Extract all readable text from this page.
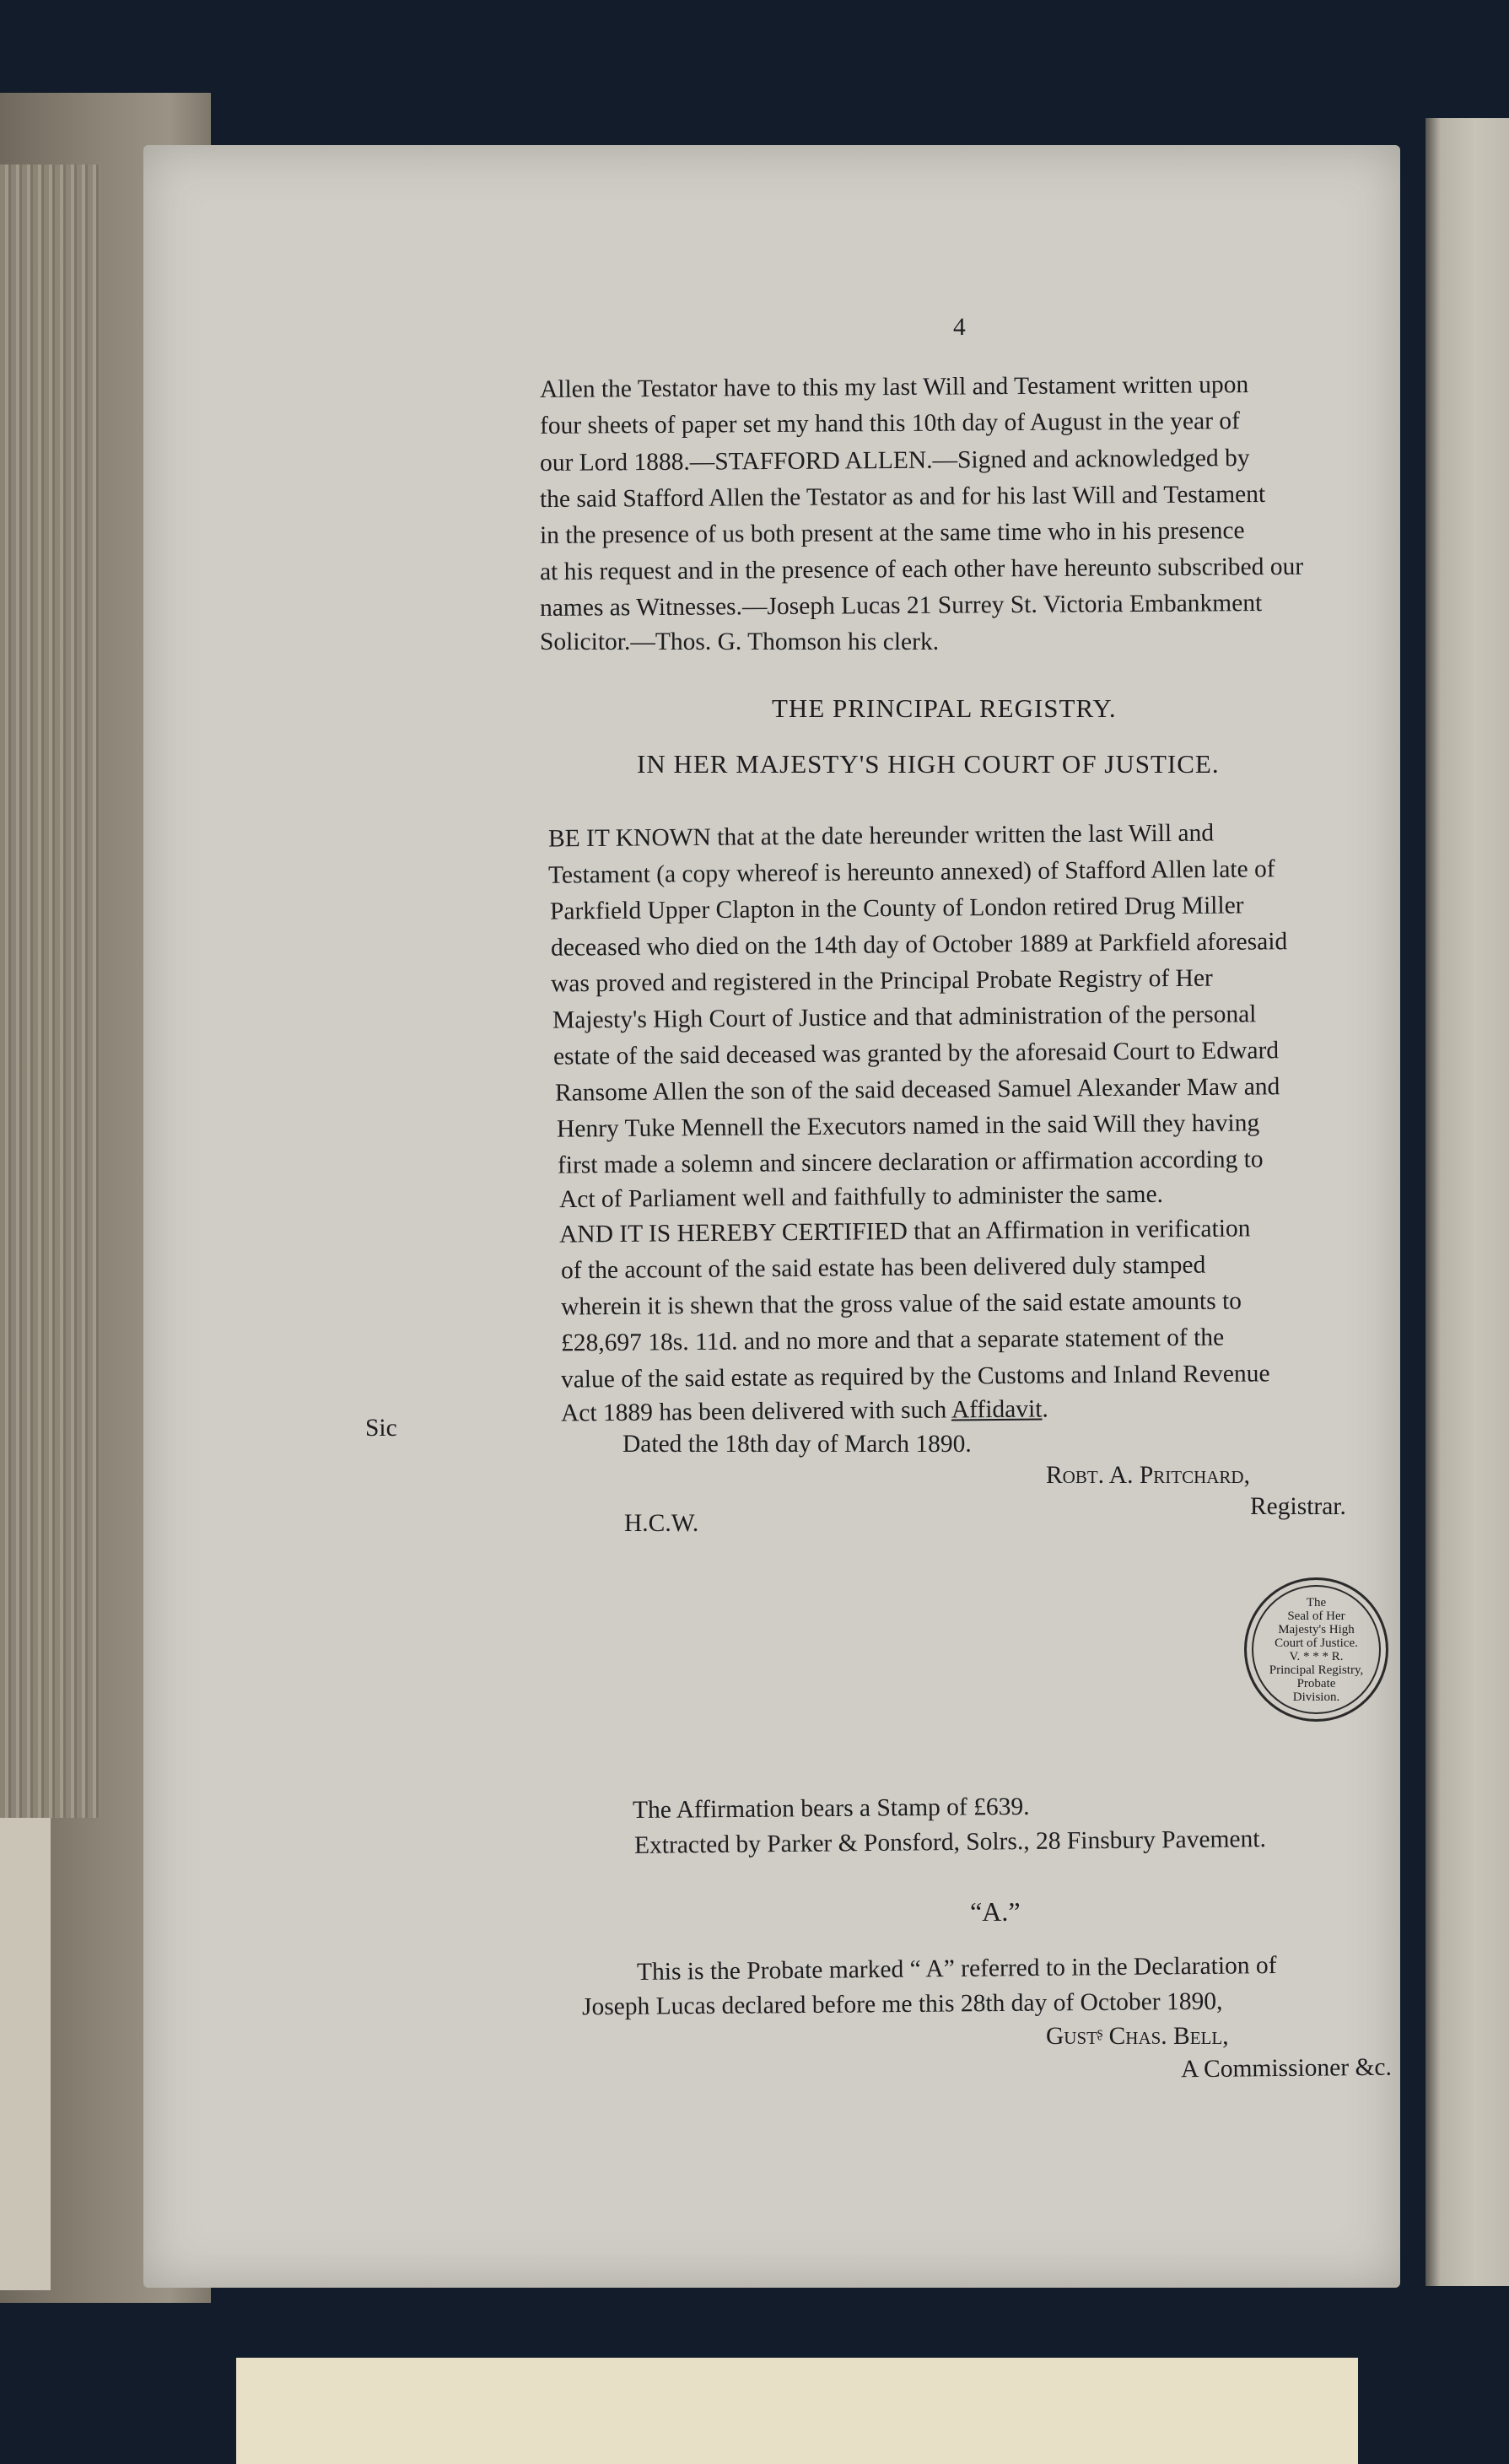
4
Allen the Testator have to this my last Will and Testament written upon
four sheets of paper set my hand this 10th day of August in the year of
our Lord 1888.—STAFFORD ALLEN.—Signed and acknowledged by
the said Stafford Allen the Testator as and for his last Will and Testament
in the presence of us both present at the same time who in his presence
at his request and in the presence of each other have hereunto subscribed our
names as Witnesses.—Joseph Lucas 21 Surrey St. Victoria Embankment
Solicitor.—Thos. G. Thomson his clerk.
THE PRINCIPAL REGISTRY.
IN HER MAJESTY'S HIGH COURT OF JUSTICE.
BE IT KNOWN that at the date hereunder written the last Will and
Testament (a copy whereof is hereunto annexed) of Stafford Allen late of
Parkfield Upper Clapton in the County of London retired Drug Miller
deceased who died on the 14th day of October 1889 at Parkfield aforesaid
was proved and registered in the Principal Probate Registry of Her
Majesty's High Court of Justice and that administration of the personal
estate of the said deceased was granted by the aforesaid Court to Edward
Ransome Allen the son of the said deceased Samuel Alexander Maw and
Henry Tuke Mennell the Executors named in the said Will they having
first made a solemn and sincere declaration or affirmation according to
Act of Parliament well and faithfully to administer the same.
AND IT IS HEREBY CERTIFIED that an Affirmation in verification
of the account of the said estate has been delivered duly stamped
wherein it is shewn that the gross value of the said estate amounts to
£28,697 18s. 11d. and no more and that a separate statement of the
value of the said estate as required by the Customs and Inland Revenue
Act 1889 has been delivered with such Affidavit.
Sic
Dated the 18th day of March 1890.
Robt. A. Pritchard,
Registrar.
H.C.W.
The
Seal of Her
Majesty's High
Court of Justice.
V. * * * R.
Principal Registry,
Probate
Division.
The Affirmation bears a Stamp of £639.
Extracted by Parker & Ponsford, Solrs., 28 Finsbury Pavement.
“A.”
This is the Probate marked “ A” referred to in the Declaration of
Joseph Lucas declared before me this 28th day of October 1890,
Gustᶳ Chas. Bell,
A Commissioner &c.
